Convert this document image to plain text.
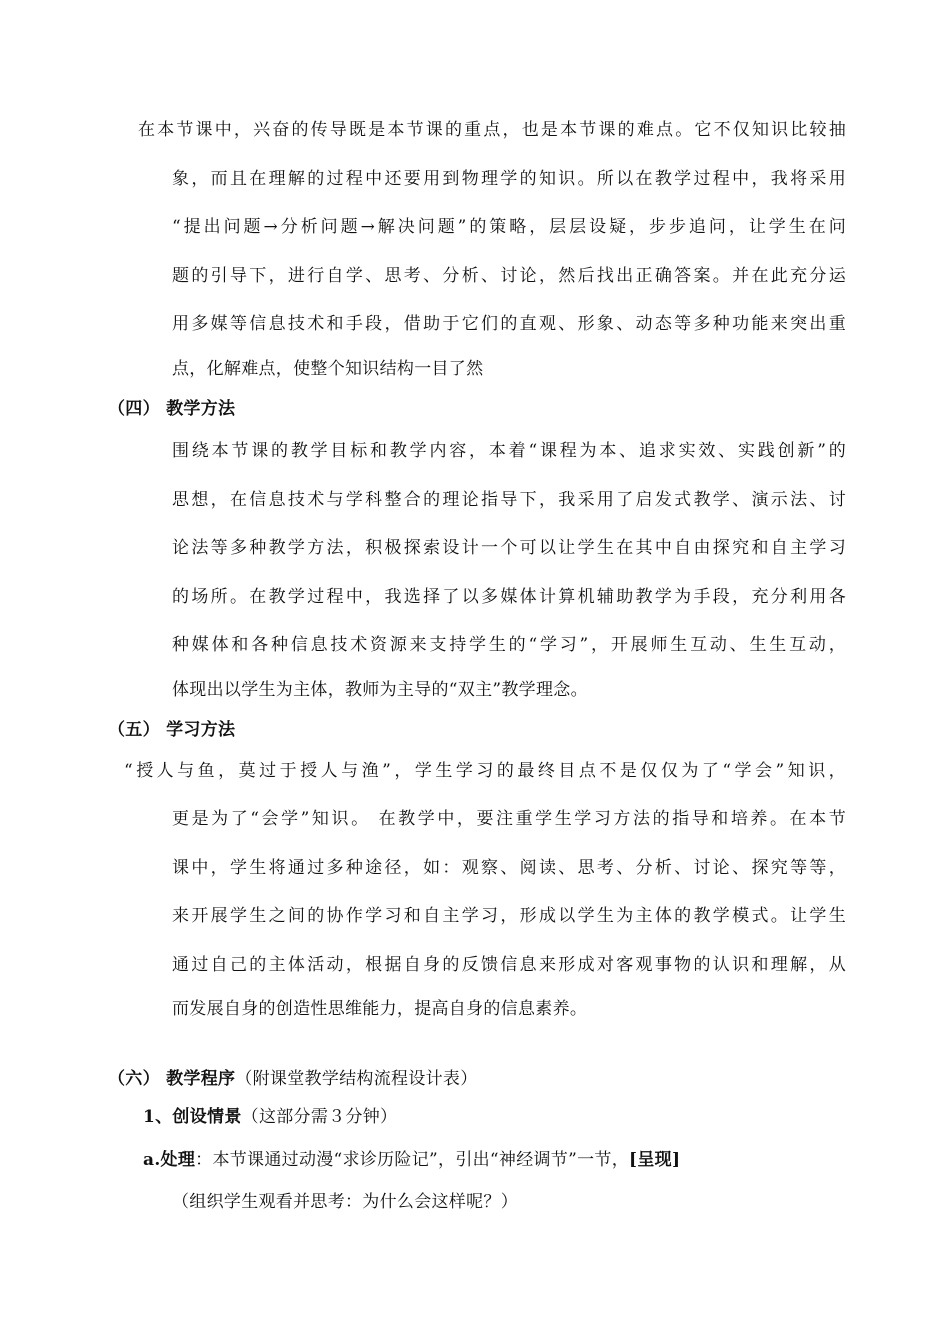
在本节课中，兴奋的传导既是本节课的重点，也是本节课的难点。它不仅知识比较抽
象，而且在理解的过程中还要用到物理学的知识。所以在教学过程中，我将采用
“提出问题→分析问题→解决问题”的策略，层层设疑，步步追问，让学生在问
题的引导下，进行自学、思考、分析、讨论，然后找出正确答案。并在此充分运
用多媒等信息技术和手段，借助于它们的直观、形象、动态等多种功能来突出重
点，化解难点，使整个知识结构一目了然
（四） 教学方法
围绕本节课的教学目标和教学内容，本着“课程为本、追求实效、实践创新”的
思想，在信息技术与学科整合的理论指导下，我采用了启发式教学、演示法、讨
论法等多种教学方法，积极探索设计一个可以让学生在其中自由探究和自主学习
的场所。在教学过程中，我选择了以多媒体计算机辅助教学为手段，充分利用各
种媒体和各种信息技术资源来支持学生的“学习”，开展师生互动、生生互动，
体现出以学生为主体，教师为主导的“双主”教学理念。
（五） 学习方法
“授人与鱼，莫过于授人与渔”，学生学习的最终目点不是仅仅为了“学会”知识，
更是为了“会学”知识。 在教学中，要注重学生学习方法的指导和培养。在本节
课中，学生将通过多种途径，如：观察、阅读、思考、分析、讨论、探究等等，
来开展学生之间的协作学习和自主学习，形成以学生为主体的教学模式。让学生
通过自己的主体活动，根据自身的反馈信息来形成对客观事物的认识和理解，从
而发展自身的创造性思维能力，提高自身的信息素养。
（六） 教学程序（附课堂教学结构流程设计表）
1、创设情景（这部分需３分钟）
a.处理：本节课通过动漫“求诊历险记”，引出“神经调节”一节，[呈现]
（组织学生观看并思考：为什么会这样呢？）
